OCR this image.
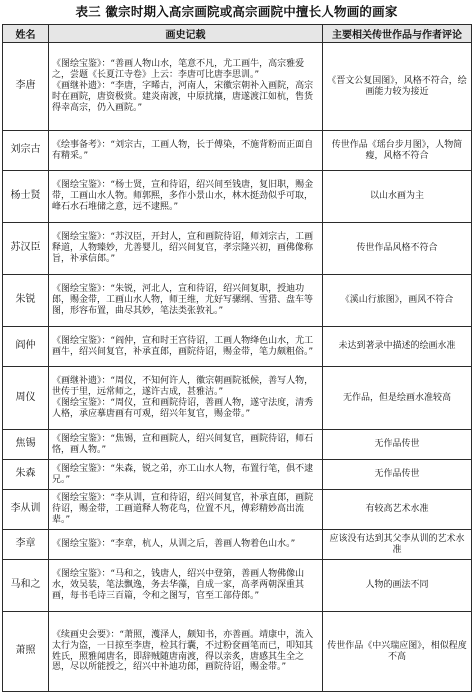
表三 徽宗时期入高宗画院或高宗画院中擅长人物画的画家
姓名	画史记载	主要相关传世作品与作者评论
李唐	《图绘宝鉴》：“善画人物山水，笔意不凡，尤工画牛，高宗雅爱之，尝题《长夏江寺卷》上云：李唐可比唐李思训。”
《画继补遗》：“李唐，字晞古，河南人，宋徽宗朝补入画院，高宗时在画院，唐资极赏。建炎南渡，中原扰攘，唐遂渡江如杭，售货得幸高宗，仍入画院。”	《晋文公复国图》，风格不符合，绘画能力较为接近
刘宗古	《绘事备考》：“刘宗古，工画人物，长于傅染，不施背粉而正面自有精采。”	传世作品《瑶台步月图》，人物简瘦，风格不符合
杨士贤	《图绘宝鉴》：“杨士贤，宣和待诏，绍兴间至钱唐，复旧职，赐金带，工画山水人物。师郭熙，多作小景山水，林木挺劲似乎可取，峰石水石堆储之意，远不逮熙。”	以山水画为主
苏汉臣	《图绘宝鉴》：“苏汉臣，开封人，宣和画院待诏，师刘宗古，工画释道，人物臻妙，尤善婴儿，绍兴间复官，孝宗隆兴初，画佛像称旨，补承信郎。”	传世作品风格不符合
朱锐	《图绘宝鉴》：“朱锐，河北人，宣和待诏，绍兴间复职，授迪功郎，赐金带，工画山水人物，师王维，尤好写骡纲、雪猎、盘车等图，形容布置，曲尽其妙，笔法类张敦礼。”	《溪山行旅图》，画风不符合
阎仲	《图绘宝鉴》：“阎仲，宣和时王宫待诏，工画人物绛色山水，尤工画牛，绍兴间复官，补承直郎，画院待诏，赐金带，笔力颇粗俗。”	未达到著录中描述的绘画水准
周仪	《画继补遗》：“周仪，不知何许人，徽宗朝画院祗候，善写人物，世传于里，远常师之，遂许古成，甚雅洁。”
《图绘宝鉴》：“周仪，宣和画院待诏，善画人物，遂守法度，清秀人格，承应摹唐画有可观，绍兴年复官，赐金带。”	无作品，但是绘画水准较高
焦锡	《图绘宝鉴》：“焦锡，宣和画院人，绍兴间复官，画院待诏，师石恪，画人物。”	无作品传世
朱森	《图绘宝鉴》：“朱森，锐之弟，亦工山水人物，布置行笔，俱不逮兄。”	无作品传世
李从训	《图绘宝鉴》：“李从训，宣和待诏，绍兴间复官，补承直郎，画院待诏，赐金带，工画道释人物花鸟，位置不凡，傅彩精妙高出流辈。”	有较高艺术水准
李章	《图绘宝鉴》：“李章，杭人，从训之后，善画人物着色山水。”	应该没有达到其父李从训的艺术水准
马和之	《图绘宝鉴》：“马和之，钱唐人，绍兴中登第，善画人物佛像山水，效吴装，笔法飘逸，务去华藻，自成一家，高孝两朝深重其画，每书毛诗三百篇，令和之图写，官至工部侍郎。”	人物的画法不同
萧照	《续画史会要》：“萧照，濩泽人，颇知书，亦善画。靖康中，流入太行为盗，一日掠至李唐，检其行囊，不过粉奁画笔而已，叩知其姓氏，照雅闻唐名，即辞贼随唐南渡，得以亲炙，唐感其生全之恩，尽以所能授之，绍兴中补迪功郎，画院待诏，赐金带。”	传世作品《中兴瑞应图》，相似程度不高
